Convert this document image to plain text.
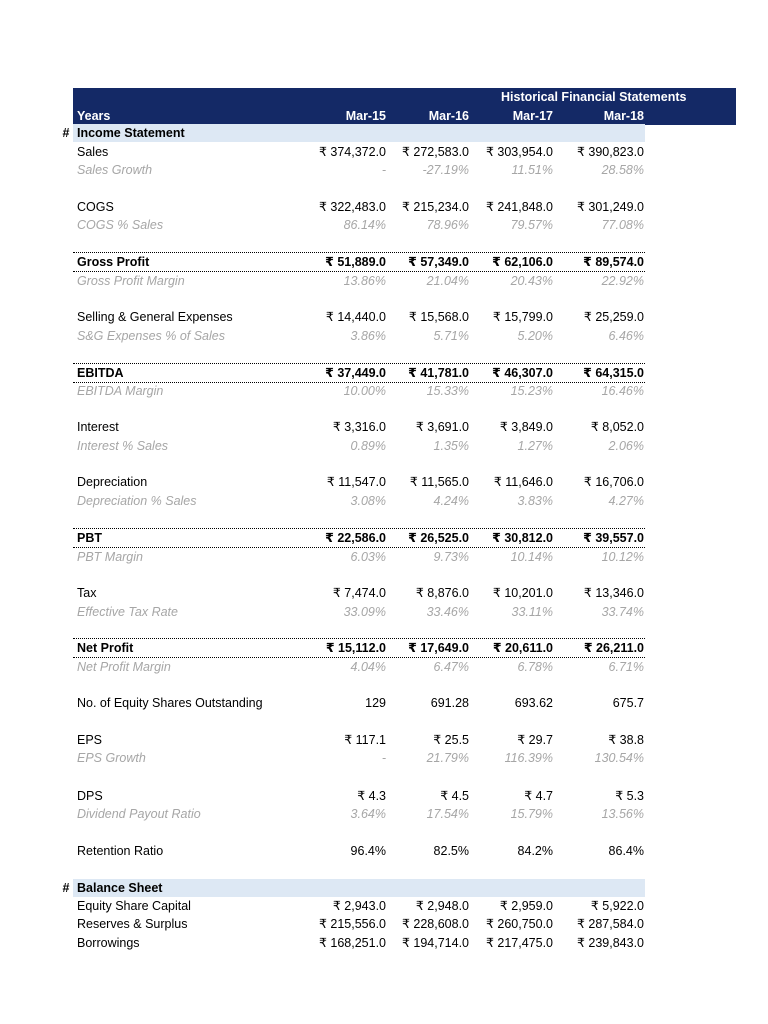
Historical Financial Statements
Years	Mar-15	Mar-16	Mar-17	Mar-18
# Income Statement
Sales	₹ 374,372.0	₹ 272,583.0	₹ 303,954.0	₹ 390,823.0
Sales Growth	-	-27.19%	11.51%	28.58%
COGS	₹ 322,483.0	₹ 215,234.0	₹ 241,848.0	₹ 301,249.0
COGS % Sales	86.14%	78.96%	79.57%	77.08%
Gross Profit	₹ 51,889.0	₹ 57,349.0	₹ 62,106.0	₹ 89,574.0
Gross Profit Margin	13.86%	21.04%	20.43%	22.92%
Selling & General Expenses	₹ 14,440.0	₹ 15,568.0	₹ 15,799.0	₹ 25,259.0
S&G Expenses % of Sales	3.86%	5.71%	5.20%	6.46%
EBITDA	₹ 37,449.0	₹ 41,781.0	₹ 46,307.0	₹ 64,315.0
EBITDA Margin	10.00%	15.33%	15.23%	16.46%
Interest	₹ 3,316.0	₹ 3,691.0	₹ 3,849.0	₹ 8,052.0
Interest % Sales	0.89%	1.35%	1.27%	2.06%
Depreciation	₹ 11,547.0	₹ 11,565.0	₹ 11,646.0	₹ 16,706.0
Depreciation % Sales	3.08%	4.24%	3.83%	4.27%
PBT	₹ 22,586.0	₹ 26,525.0	₹ 30,812.0	₹ 39,557.0
PBT Margin	6.03%	9.73%	10.14%	10.12%
Tax	₹ 7,474.0	₹ 8,876.0	₹ 10,201.0	₹ 13,346.0
Effective Tax Rate	33.09%	33.46%	33.11%	33.74%
Net Profit	₹ 15,112.0	₹ 17,649.0	₹ 20,611.0	₹ 26,211.0
Net Profit Margin	4.04%	6.47%	6.78%	6.71%
No. of Equity Shares Outstanding	129	691.28	693.62	675.7
EPS	₹ 117.1	₹ 25.5	₹ 29.7	₹ 38.8
EPS Growth	-	21.79%	116.39%	130.54%
DPS	₹ 4.3	₹ 4.5	₹ 4.7	₹ 5.3
Dividend Payout Ratio	3.64%	17.54%	15.79%	13.56%
Retention Ratio	96.4%	82.5%	84.2%	86.4%
# Balance Sheet
Equity Share Capital	₹ 2,943.0	₹ 2,948.0	₹ 2,959.0	₹ 5,922.0
Reserves & Surplus	₹ 215,556.0	₹ 228,608.0	₹ 260,750.0	₹ 287,584.0
Borrowings	₹ 168,251.0	₹ 194,714.0	₹ 217,475.0	₹ 239,843.0
